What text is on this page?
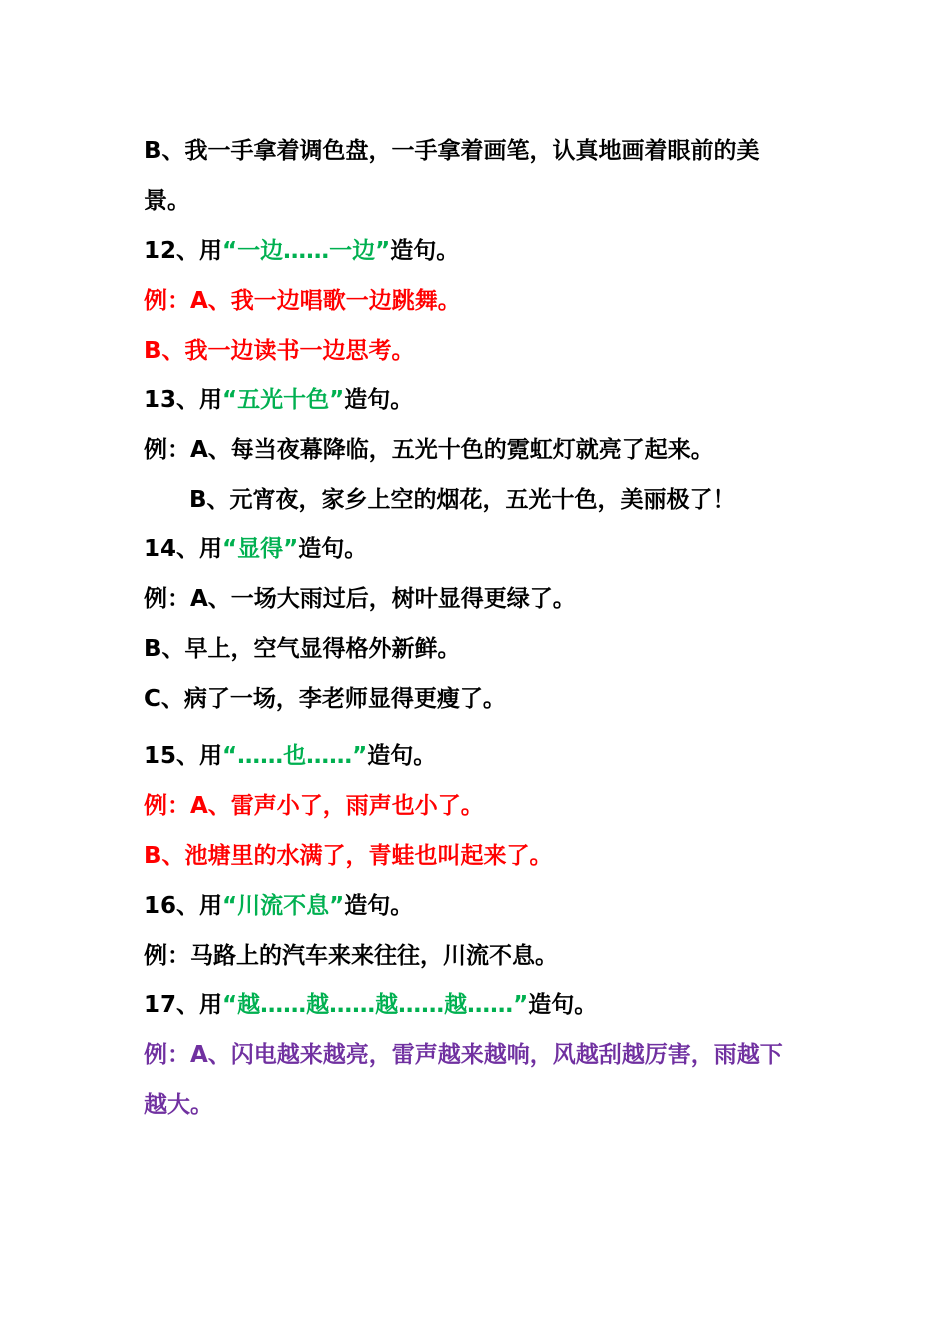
B、我一手拿着调色盘，一手拿着画笔，认真地画着眼前的美
景。
12、用“一边……一边”造句。
例：A、我一边唱歌一边跳舞。
B、我一边读书一边思考。
13、用“五光十色”造句。
例：A、每当夜幕降临，五光十色的霓虹灯就亮了起来。
B、元宵夜，家乡上空的烟花，五光十色，美丽极了！
14、用“显得”造句。
例：A、一场大雨过后，树叶显得更绿了。
B、早上，空气显得格外新鲜。
C、病了一场，李老师显得更瘦了。
15、用“……也……”造句。
例：A、雷声小了，雨声也小了。
B、池塘里的水满了，青蛙也叫起来了。
16、用“川流不息”造句。
例：马路上的汽车来来往往，川流不息。
17、用“越……越……越……越……”造句。
例：A、闪电越来越亮，雷声越来越响，风越刮越厉害，雨越下
越大。
